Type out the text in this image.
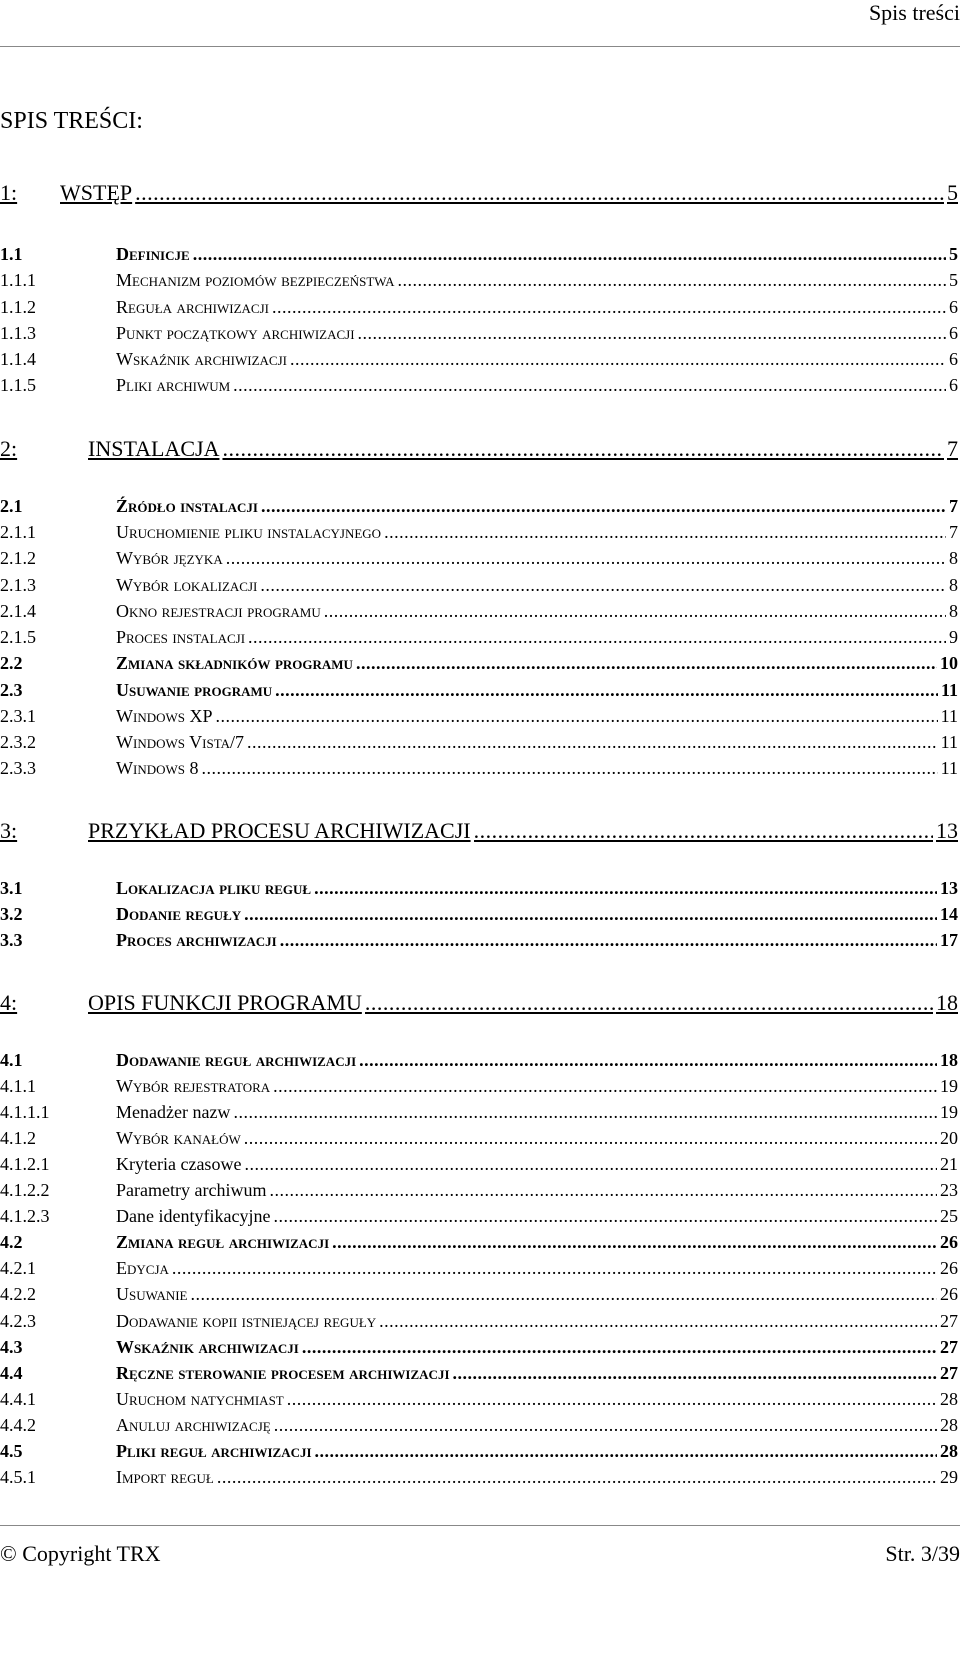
Spis treści
SPIS TREŚCI:
1:	WSTĘP .....	5
1.1	Definicje .....	5
1.1.1	Mechanizm poziomów bezpieczeństwa .....	5
1.1.2	Reguła archiwizacji .....	6
1.1.3	Punkt początkowy archiwizacji .....	6
1.1.4	Wskaźnik archiwizacji .....	6
1.1.5	Pliki archiwum .....	6
2:	INSTALACJA .....	7
2.1	Źródło instalacji .....	7
2.1.1	Uruchomienie pliku instalacyjnego .....	7
2.1.2	Wybór języka .....	8
2.1.3	Wybór lokalizacji .....	8
2.1.4	Okno rejestracji programu .....	8
2.1.5	Proces instalacji .....	9
2.2	Zmiana składników programu .....	10
2.3	Usuwanie programu .....	11
2.3.1	Windows XP .....	11
2.3.2	Windows Vista/7 .....	11
2.3.3	Windows 8 .....	11
3:	PRZYKŁAD PROCESU ARCHIWIZACJI .....	13
3.1	Lokalizacja pliku reguł .....	13
3.2	Dodanie reguły .....	14
3.3	Proces archiwizacji .....	17
4:	OPIS FUNKCJI PROGRAMU .....	18
4.1	Dodawanie reguł archiwizacji .....	18
4.1.1	Wybór rejestratora .....	19
4.1.1.1	Menadżer nazw .....	19
4.1.2	Wybór kanałów .....	20
4.1.2.1	Kryteria czasowe .....	21
4.1.2.2	Parametry archiwum .....	23
4.1.2.3	Dane identyfikacyjne .....	25
4.2	Zmiana reguł archiwizacji .....	26
4.2.1	Edycja .....	26
4.2.2	Usuwanie .....	26
4.2.3	Dodawanie kopii istniejącej reguły .....	27
4.3	Wskaźnik archiwizacji .....	27
4.4	Ręczne sterowanie procesem archiwizacji .....	27
4.4.1	Uruchom natychmiast .....	28
4.4.2	Anuluj archiwizację .....	28
4.5	Pliki reguł archiwizacji .....	28
4.5.1	Import reguł .....	29
© Copyright TRX	Str. 3/39
